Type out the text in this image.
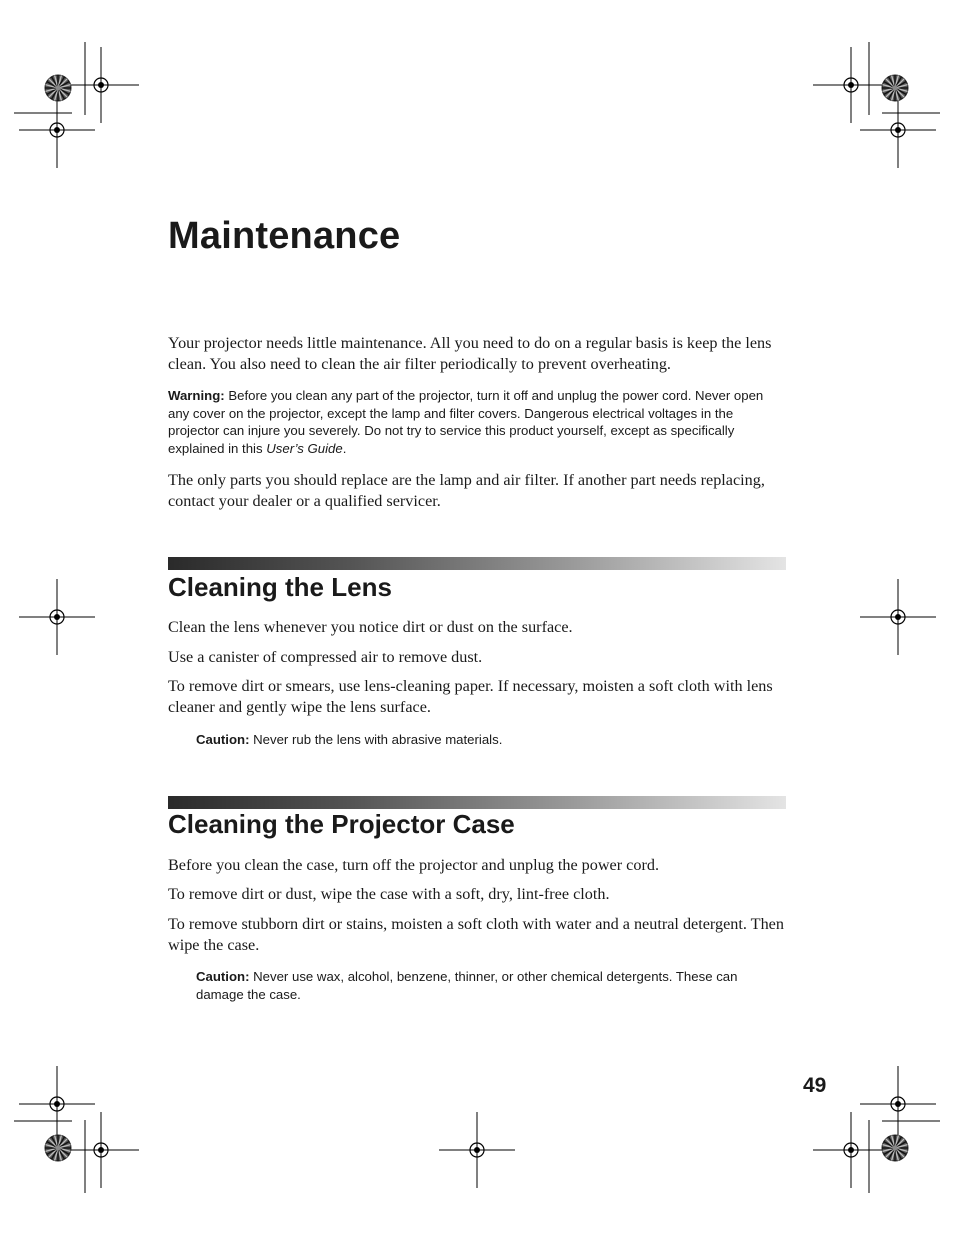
Maintenance

Your projector needs little maintenance. All you need to do on a regular basis is keep the lens clean. You also need to clean the air filter periodically to prevent overheating.

Warning: Before you clean any part of the projector, turn it off and unplug the power cord. Never open any cover on the projector, except the lamp and filter covers. Dangerous electrical voltages in the projector can injure you severely. Do not try to service this product yourself, except as specifically explained in this User’s Guide.

The only parts you should replace are the lamp and air filter. If another part needs replacing, contact your dealer or a qualified servicer.

Cleaning the Lens

Clean the lens whenever you notice dirt or dust on the surface.

Use a canister of compressed air to remove dust.

To remove dirt or smears, use lens-cleaning paper. If necessary, moisten a soft cloth with lens cleaner and gently wipe the lens surface.

Caution: Never rub the lens with abrasive materials.

Cleaning the Projector Case

Before you clean the case, turn off the projector and unplug the power cord.

To remove dirt or dust, wipe the case with a soft, dry, lint-free cloth.

To remove stubborn dirt or stains, moisten a soft cloth with water and a neutral detergent. Then wipe the case.

Caution: Never use wax, alcohol, benzene, thinner, or other chemical detergents. These can damage the case.

49
